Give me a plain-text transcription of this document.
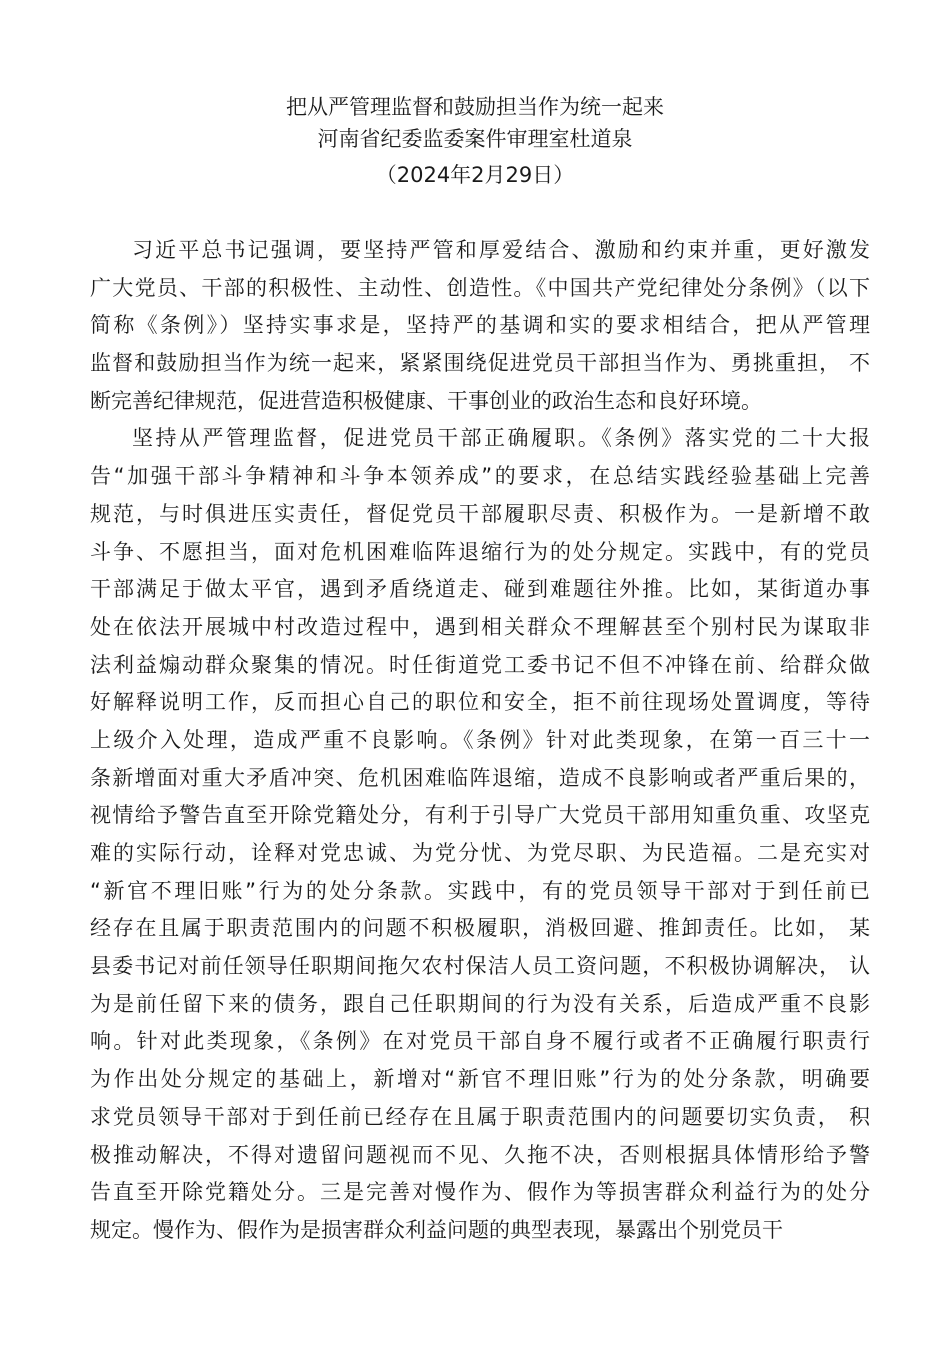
把从严管理监督和鼓励担当作为统一起来
河南省纪委监委案件审理室杜道泉
（2024年2月29日）
习近平总书记强调，要坚持严管和厚爱结合、激励和约束并重，更好激发
广大党员、干部的积极性、主动性、创造性。《中国共产党纪律处分条例》（以下
简称《条例》）坚持实事求是，坚持严的基调和实的要求相结合，把从严管理
监督和鼓励担当作为统一起来，紧紧围绕促进党员干部担当作为、勇挑重担， 不
断完善纪律规范，促进营造积极健康、干事创业的政治生态和良好环境。
坚持从严管理监督，促进党员干部正确履职。《条例》落实党的二十大报
告“加强干部斗争精神和斗争本领养成”的要求，在总结实践经验基础上完善
规范，与时俱进压实责任，督促党员干部履职尽责、积极作为。一是新增不敢
斗争、不愿担当，面对危机困难临阵退缩行为的处分规定。实践中，有的党员
干部满足于做太平官，遇到矛盾绕道走、碰到难题往外推。比如，某街道办事
处在依法开展城中村改造过程中，遇到相关群众不理解甚至个别村民为谋取非
法利益煽动群众聚集的情况。时任街道党工委书记不但不冲锋在前、给群众做
好解释说明工作，反而担心自己的职位和安全，拒不前往现场处置调度，等待
上级介入处理，造成严重不良影响。《条例》针对此类现象，在第一百三十一
条新增面对重大矛盾冲突、危机困难临阵退缩，造成不良影响或者严重后果的，
视情给予警告直至开除党籍处分，有利于引导广大党员干部用知重负重、攻坚克
难的实际行动，诠释对党忠诚、为党分忧、为党尽职、为民造福。二是充实对
“新官不理旧账”行为的处分条款。实践中，有的党员领导干部对于到任前已
经存在且属于职责范围内的问题不积极履职，消极回避、推卸责任。比如， 某
县委书记对前任领导任职期间拖欠农村保洁人员工资问题，不积极协调解决， 认
为是前任留下来的债务，跟自己任职期间的行为没有关系，后造成严重不良影
响。针对此类现象，《条例》在对党员干部自身不履行或者不正确履行职责行
为作出处分规定的基础上，新增对“新官不理旧账”行为的处分条款，明确要
求党员领导干部对于到任前已经存在且属于职责范围内的问题要切实负责， 积
极推动解决，不得对遗留问题视而不见、久拖不决，否则根据具体情形给予警
告直至开除党籍处分。三是完善对慢作为、假作为等损害群众利益行为的处分
规定。慢作为、假作为是损害群众利益问题的典型表现，暴露出个别党员干
